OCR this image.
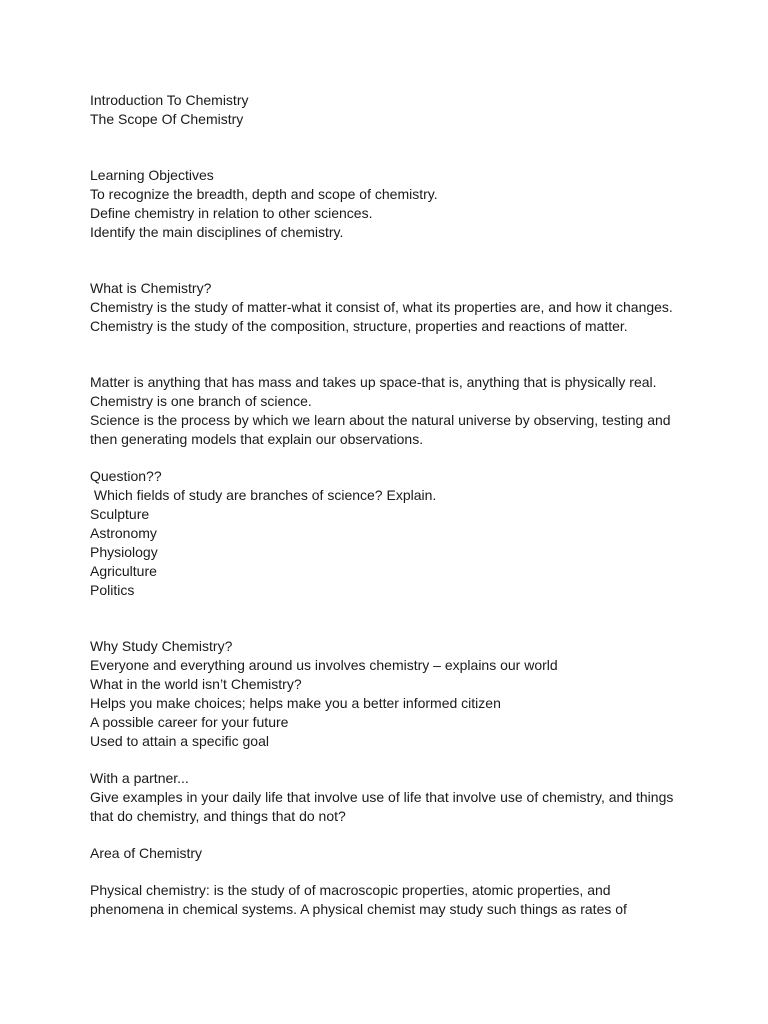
Introduction To Chemistry
The Scope Of Chemistry
Learning Objectives
To recognize the breadth, depth and scope of chemistry.
Define chemistry in relation to other sciences.
Identify the main disciplines of chemistry.
What is Chemistry?
Chemistry is the study of matter-what it consist of, what its properties are, and how it changes.
Chemistry is the study of the composition, structure, properties and reactions of matter.
Matter is anything that has mass and takes up space-that is, anything that is physically real.
Chemistry is one branch of science.
Science is the process by which we learn about the natural universe by observing, testing and then generating models that explain our observations.
Question??
Which fields of study are branches of science? Explain.
Sculpture
Astronomy
Physiology
Agriculture
Politics
Why Study Chemistry?
Everyone and everything around us involves chemistry – explains our world
What in the world isn’t Chemistry?
Helps you make choices; helps make you a better informed citizen
A possible career for your future
Used to attain a specific goal
With a partner...
Give examples in your daily life that involve use of life that involve use of chemistry, and things that do chemistry, and things that do not?
Area of Chemistry
Physical chemistry: is the study of of macroscopic properties, atomic properties, and phenomena in chemical systems. A physical chemist may study such things as rates of
